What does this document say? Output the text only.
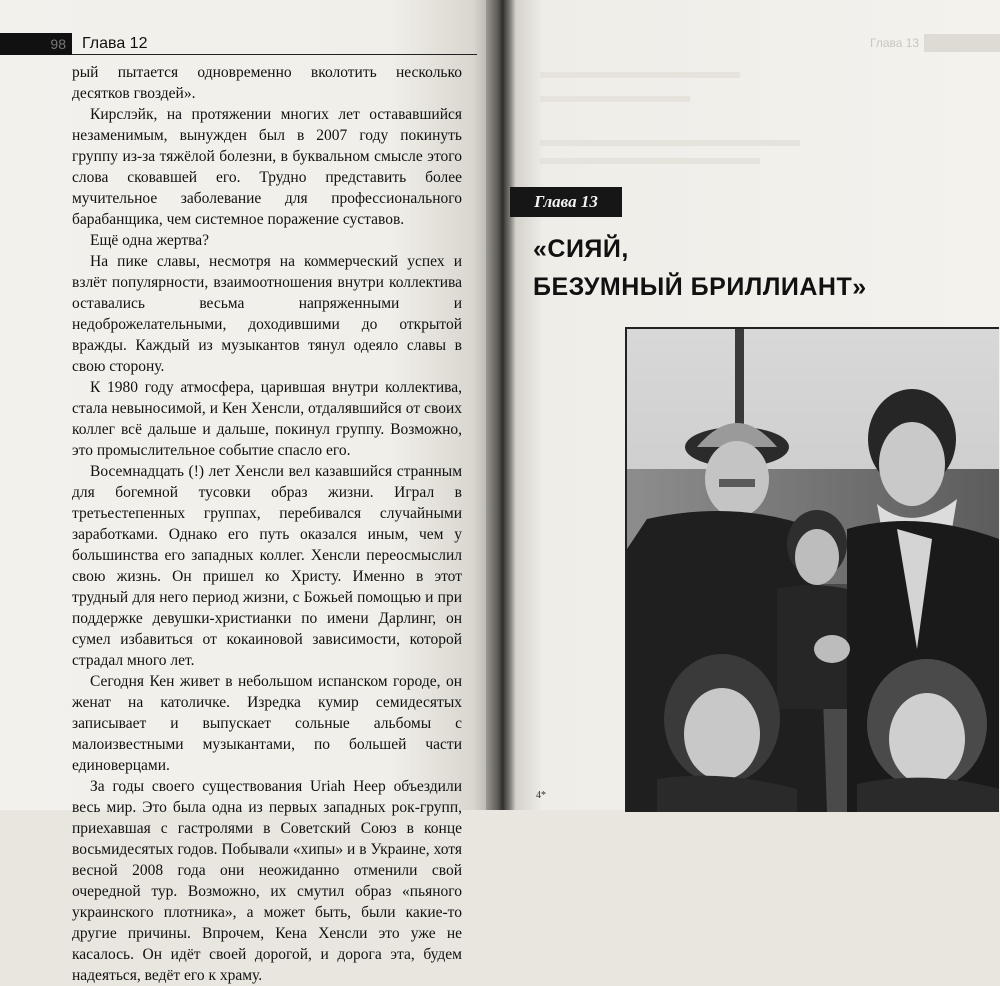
98	Глава 12

рый пытается одновременно вколотить несколько десятков гвоздей».

Кирслэйк, на протяжении многих лет остававшийся незаменимым, вынужден был в 2007 году покинуть группу из-за тяжёлой болезни, в буквальном смысле этого слова сковавшей его. Трудно представить более мучительное заболевание для профессионального барабанщика, чем системное поражение суставов.

Ещё одна жертва?

На пике славы, несмотря на коммерческий успех и взлёт популярности, взаимоотношения внутри коллектива оставались весьма напряженными и недоброжелательными, доходившими до открытой вражды. Каждый из музыкантов тянул одеяло славы в свою сторону.

К 1980 году атмосфера, царившая внутри коллектива, стала невыносимой, и Кен Хенсли, отдалявшийся от своих коллег всё дальше и дальше, покинул группу. Возможно, это промыслительное событие спасло его.

Восемнадцать (!) лет Хенсли вел казавшийся странным для богемной тусовки образ жизни. Играл в третьестепенных группах, перебивался случайными заработками. Однако его путь оказался иным, чем у большинства его западных коллег. Хенсли переосмыслил свою жизнь. Он пришел ко Христу. Именно в этот трудный для него период жизни, с Божьей помощью и при поддержке девушки-христианки по имени Дарлинг, он сумел избавиться от кокаиновой зависимости, которой страдал много лет.

Сегодня Кен живет в небольшом испанском городе, он женат на католичке. Изредка кумир семидесятых записывает и выпускает сольные альбомы с малоизвестными музыкантами, по большей части единоверцами.

За годы своего существования Uriah Heep объездили весь мир. Это была одна из первых западных рок-групп, приехавшая с гастролями в Советский Союз в конце восьмидесятых годов. Побывали «хипы» и в Украине, хотя весной 2008 года они неожиданно отменили свой очередной тур. Возможно, их смутил образ «пьяного украинского плотника», а может быть, были какие-то другие причины. Впрочем, Кена Хенсли это уже не касалось. Он идёт своей дорогой, и дорога эта, будем надеяться, ведёт его к храму.

Глава 13
Глава 13
«СИЯЙ,
БЕЗУМНЫЙ БРИЛЛИАНТ»
4*
